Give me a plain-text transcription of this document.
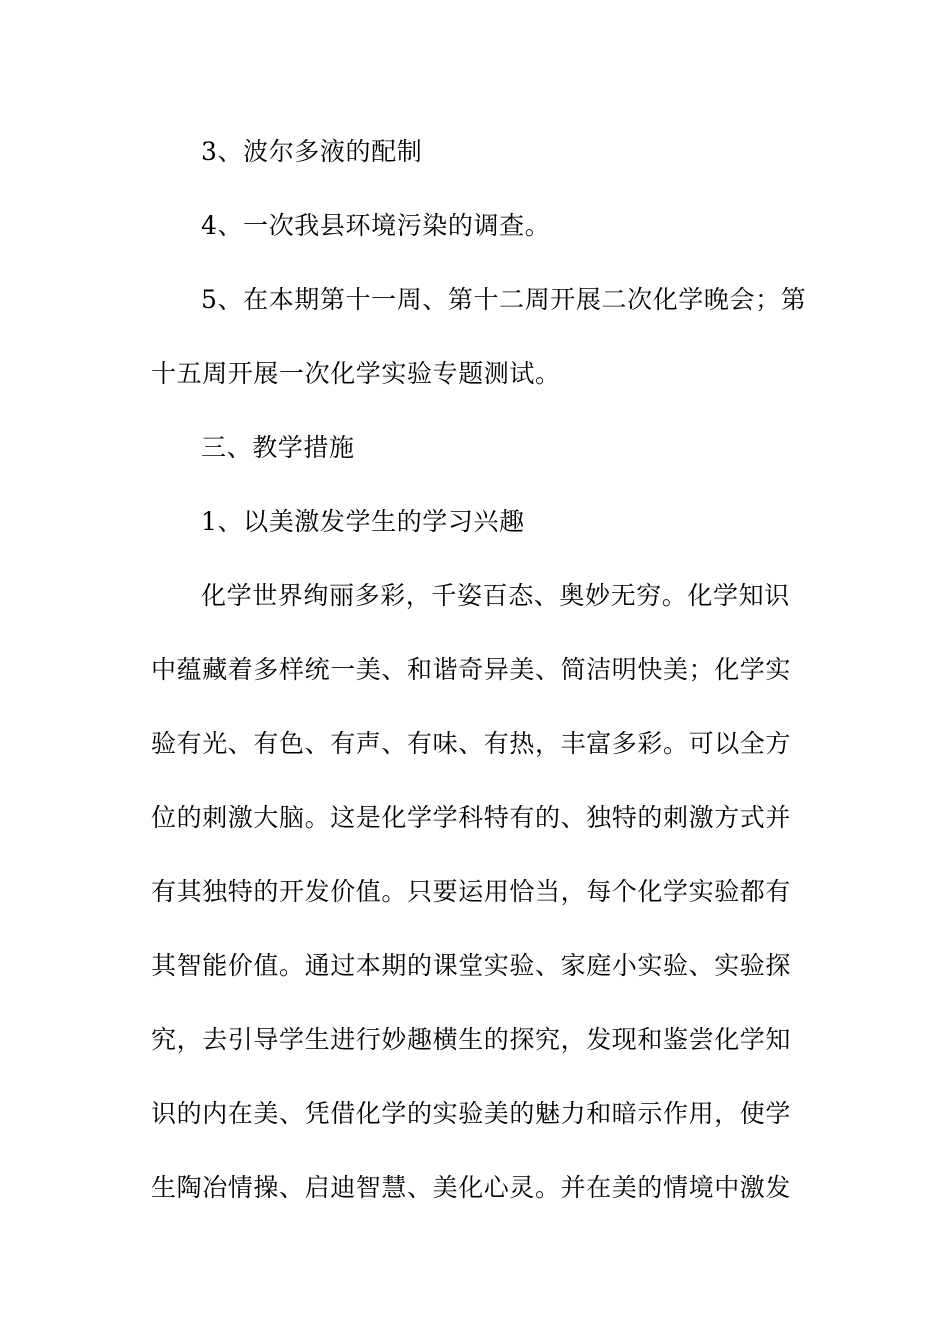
3、波尔多液的配制
4、一次我县环境污染的调查。
5、在本期第十一周、第十二周开展二次化学晚会；第
十五周开展一次化学实验专题测试。
三、教学措施
1、以美激发学生的学习兴趣
化学世界绚丽多彩，千姿百态、奥妙无穷。化学知识
中蕴藏着多样统一美、和谐奇异美、简洁明快美；化学实
验有光、有色、有声、有味、有热，丰富多彩。可以全方
位的刺激大脑。这是化学学科特有的、独特的刺激方式并
有其独特的开发价值。只要运用恰当，每个化学实验都有
其智能价值。通过本期的课堂实验、家庭小实验、实验探
究，去引导学生进行妙趣横生的探究，发现和鉴尝化学知
识的内在美、凭借化学的实验美的魅力和暗示作用，使学
生陶冶情操、启迪智慧、美化心灵。并在美的情境中激发
